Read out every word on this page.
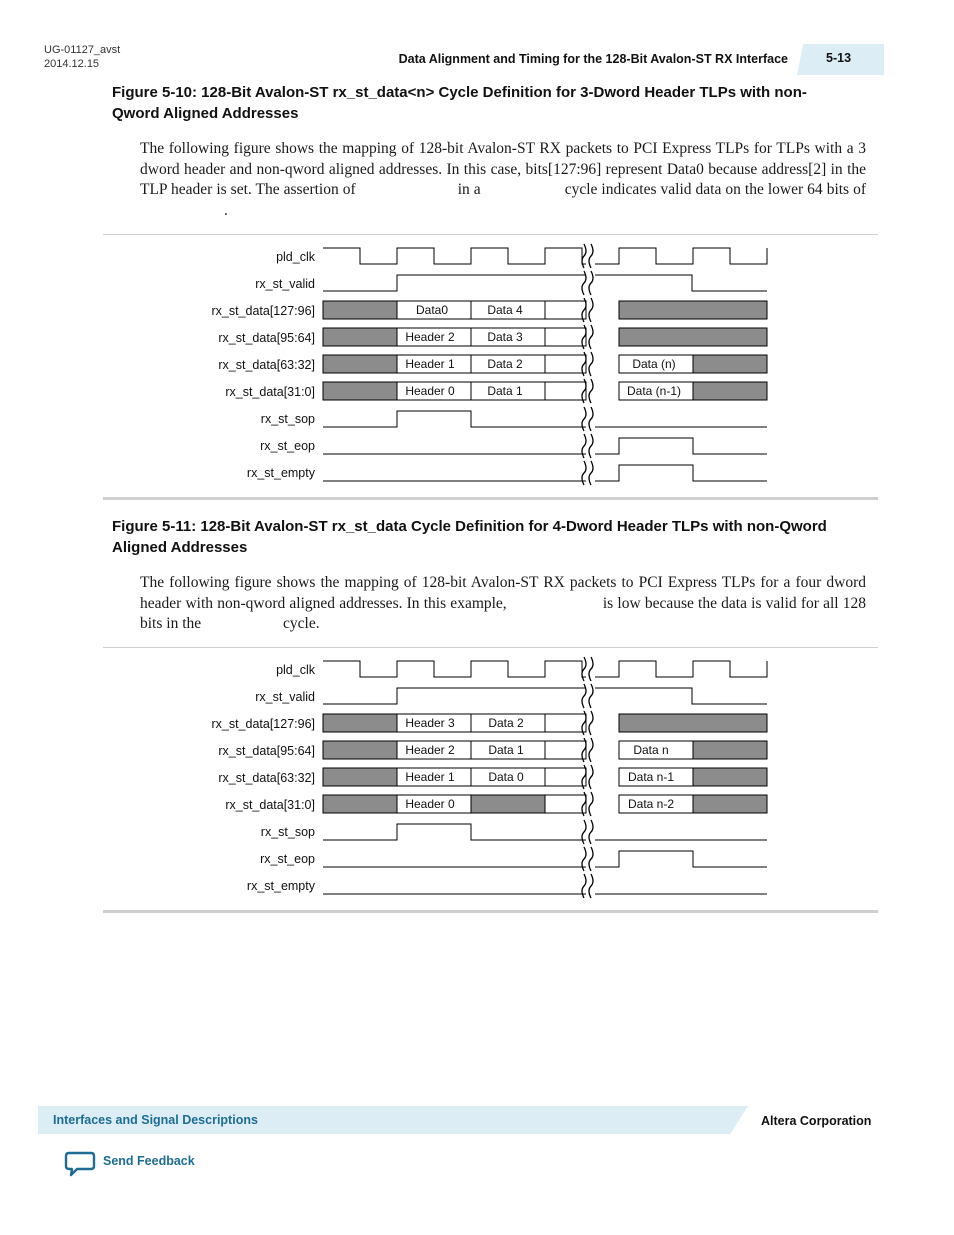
UG-01127_avst
2014.12.15	Data Alignment and Timing for the 128-Bit Avalon-ST RX Interface	5-13
Figure 5-10: 128-Bit Avalon-ST rx_st_data<n> Cycle Definition for 3-Dword Header TLPs with non-Qword Aligned Addresses
The following figure shows the mapping of 128-bit Avalon-ST RX packets to PCI Express TLPs for TLPs with a 3 dword header and non-qword aligned addresses. In this case, bits[127:96] represent Data0 because address[2] in the TLP header is set. The assertion of	in a	cycle indicates valid data on the lower 64 bits of.
pld_clk
rx_st_valid
rx_st_data[127:96]
rx_st_data[95:64]
rx_st_data[63:32]
rx_st_data[31:0]
rx_st_sop
rx_st_eop
rx_st_empty
Data0	Data 4
Header 2	Data 3
Header 1	Data 2	Data (n)
Header 0	Data 1	Data (n-1)
Figure 5-11: 128-Bit Avalon-ST rx_st_data Cycle Definition for 4-Dword Header TLPs with non-Qword Aligned Addresses
The following figure shows the mapping of 128-bit Avalon-ST RX packets to PCI Express TLPs for a four dword header with non-qword aligned addresses. In this example,	is low because the data is valid for all 128 bits in the	cycle.
pld_clk
rx_st_valid
rx_st_data[127:96]
rx_st_data[95:64]
rx_st_data[63:32]
rx_st_data[31:0]
rx_st_sop
rx_st_eop
rx_st_empty
Header 3	Data 2
Header 2	Data 1	Data n
Header 1	Data 0	Data n-1
Header 0	Data n-2
Interfaces and Signal Descriptions	Altera Corporation
Send Feedback
